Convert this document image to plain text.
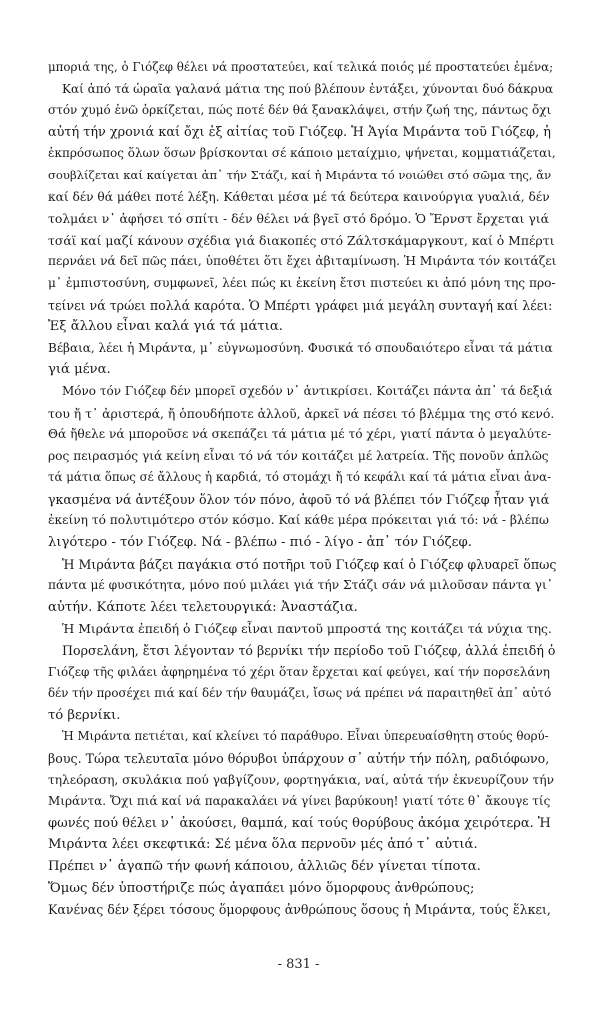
μποριά της, ὁ Γιόζεφ θέλει νά προστατεύει, καί τελικά ποιός μέ προστατεύει ἐμένα;
Καί ἀπό τά ὡραῖα γαλανά μάτια της πού βλέπουν ἐντάξει, χύνονται δυό δάκρυα
στόν χυμό ἐνῶ ὁρκίζεται, πώς ποτέ δέν θά ξανακλάψει, στήν ζωή της, πάντως ὄχι
αὐτή τήν χρονιά καί ὄχι ἐξ αἰτίας τοῦ Γιόζεφ. Ἡ Ἁγία Μιράντα τοῦ Γιόζεφ, ἡ
ἐκπρόσωπος ὅλων ὅσων βρίσκονται σέ κάποιο μεταίχμιο, ψήνεται, κομματιάζεται,
σουβλίζεται καί καίγεται ἀπ᾽ τήν Στάζι, καί ἡ Μιράντα τό νοιώθει στό σῶμα της, ἄν
καί δέν θά μάθει ποτέ λέξη. Κάθεται μέσα μέ τά δεύτερα καινούργια γυαλιά, δέν
τολμάει ν᾽ ἀφήσει τό σπίτι - δέν θέλει νά βγεῖ στό δρόμο. Ὁ Ἔρνστ ἔρχεται γιά
τσάϊ καί μαζί κάνουν σχέδια γιά διακοπές στό Ζάλτσκάμαργκουτ, καί ὁ Μπέρτι
περνάει νά δεῖ πῶς πάει, ὑποθέτει ὅτι ἔχει ἀβιταμίνωση. Ἡ Μιράντα τόν κοιτάζει
μ᾽ ἐμπιστοσύνη, συμφωνεῖ, λέει πώς κι ἐκείνη ἔτσι πιστεύει κι ἀπό μόνη της προ-
τείνει νά τρώει πολλά καρότα. Ὁ Μπέρτι γράφει μιά μεγάλη συνταγή καί λέει:
Ἐξ ἄλλου εἶναι καλά γιά τά μάτια.
Βέβαια, λέει ἡ Μιράντα, μ᾽ εὐγνωμοσύνη. Φυσικά τό σπουδαιότερο εἶναι τά μάτια
γιά μένα.
Μόνο τόν Γιόζεφ δέν μπορεῖ σχεδόν ν᾽ ἀντικρίσει. Κοιτάζει πάντα ἀπ᾽ τά δεξιά
του ἤ τ᾽ ἀριστερά, ἤ ὁπουδήποτε ἀλλοῦ, ἀρκεῖ νά πέσει τό βλέμμα της στό κενό.
Θά ἤθελε νά μποροῦσε νά σκεπάζει τά μάτια μέ τό χέρι, γιατί πάντα ὁ μεγαλύτε-
ρος πειρασμός γιά κείνη εἶναι τό νά τόν κοιτάζει μέ λατρεία. Τῆς πονοῦν ἁπλῶς
τά μάτια ὅπως σέ ἄλλους ἡ καρδιά, τό στομάχι ἤ τό κεφάλι καί τά μάτια εἶναι ἀνα-
γκασμένα νά ἀντέξουν ὅλον τόν πόνο, ἀφοῦ τό νά βλέπει τόν Γιόζεφ ἦταν γιά
ἐκείνη τό πολυτιμότερο στόν κόσμο. Καί κάθε μέρα πρόκειται γιά τό: νά - βλέπω
λιγότερο - τόν Γιόζεφ. Νά - βλέπω - πιό - λίγο - ἀπ᾽ τόν Γιόζεφ.
Ἡ Μιράντα βάζει παγάκια στό ποτῆρι τοῦ Γιόζεφ καί ὁ Γιόζεφ φλυαρεῖ ὅπως
πάντα μέ φυσικότητα, μόνο πού μιλάει γιά τήν Στάζι σάν νά μιλοῦσαν πάντα γι᾽
αὐτήν. Κάποτε λέει τελετουργικά: Ἀναστάζια.
Ἡ Μιράντα ἐπειδή ὁ Γιόζεφ εἶναι παντοῦ μπροστά της κοιτάζει τά νύχια της.
Πορσελάνη, ἔτσι λέγονταν τό βερνίκι τήν περίοδο τοῦ Γιόζεφ, ἀλλά ἐπειδή ὁ
Γιόζεφ τῆς φιλάει ἀφηρημένα τό χέρι ὅταν ἔρχεται καί φεύγει, καί τήν πορσελάνη
δέν τήν προσέχει πιά καί δέν τήν θαυμάζει, ἴσως νά πρέπει νά παραιτηθεῖ ἀπ᾽ αὐτό
τό βερνίκι.
Ἡ Μιράντα πετιέται, καί κλείνει τό παράθυρο. Εἶναι ὑπερευαίσθητη στούς θορύ-
βους. Τώρα τελευταῖα μόνο θόρυβοι ὑπάρχουν σ᾽ αὐτήν τήν πόλη, ραδιόφωνο,
τηλεόραση, σκυλάκια πού γαβγίζουν, φορτηγάκια, ναί, αὐτά τήν ἐκνευρίζουν τήν
Μιράντα. Ὄχι πιά καί νά παρακαλάει νά γίνει βαρύκουη! γιατί τότε θ᾽ ἄκουγε τίς
φωνές πού θέλει ν᾽ ἀκούσει, θαμπά, καί τούς θορύβους ἀκόμα χειρότερα. Ἡ
Μιράντα λέει σκεφτικά: Σέ μένα ὅλα περνοῦν μές ἀπό τ᾽ αὐτιά.
Πρέπει ν᾽ ἀγαπῶ τήν φωνή κάποιου, ἀλλιῶς δέν γίνεται τίποτα.
Ὅμως δέν ὑποστήριζε πώς ἀγαπάει μόνο ὅμορφους ἀνθρώπους;
Κανένας δέν ξέρει τόσους ὅμορφους ἀνθρώπους ὅσους ἡ Μιράντα, τούς ἕλκει,
- 831 -
